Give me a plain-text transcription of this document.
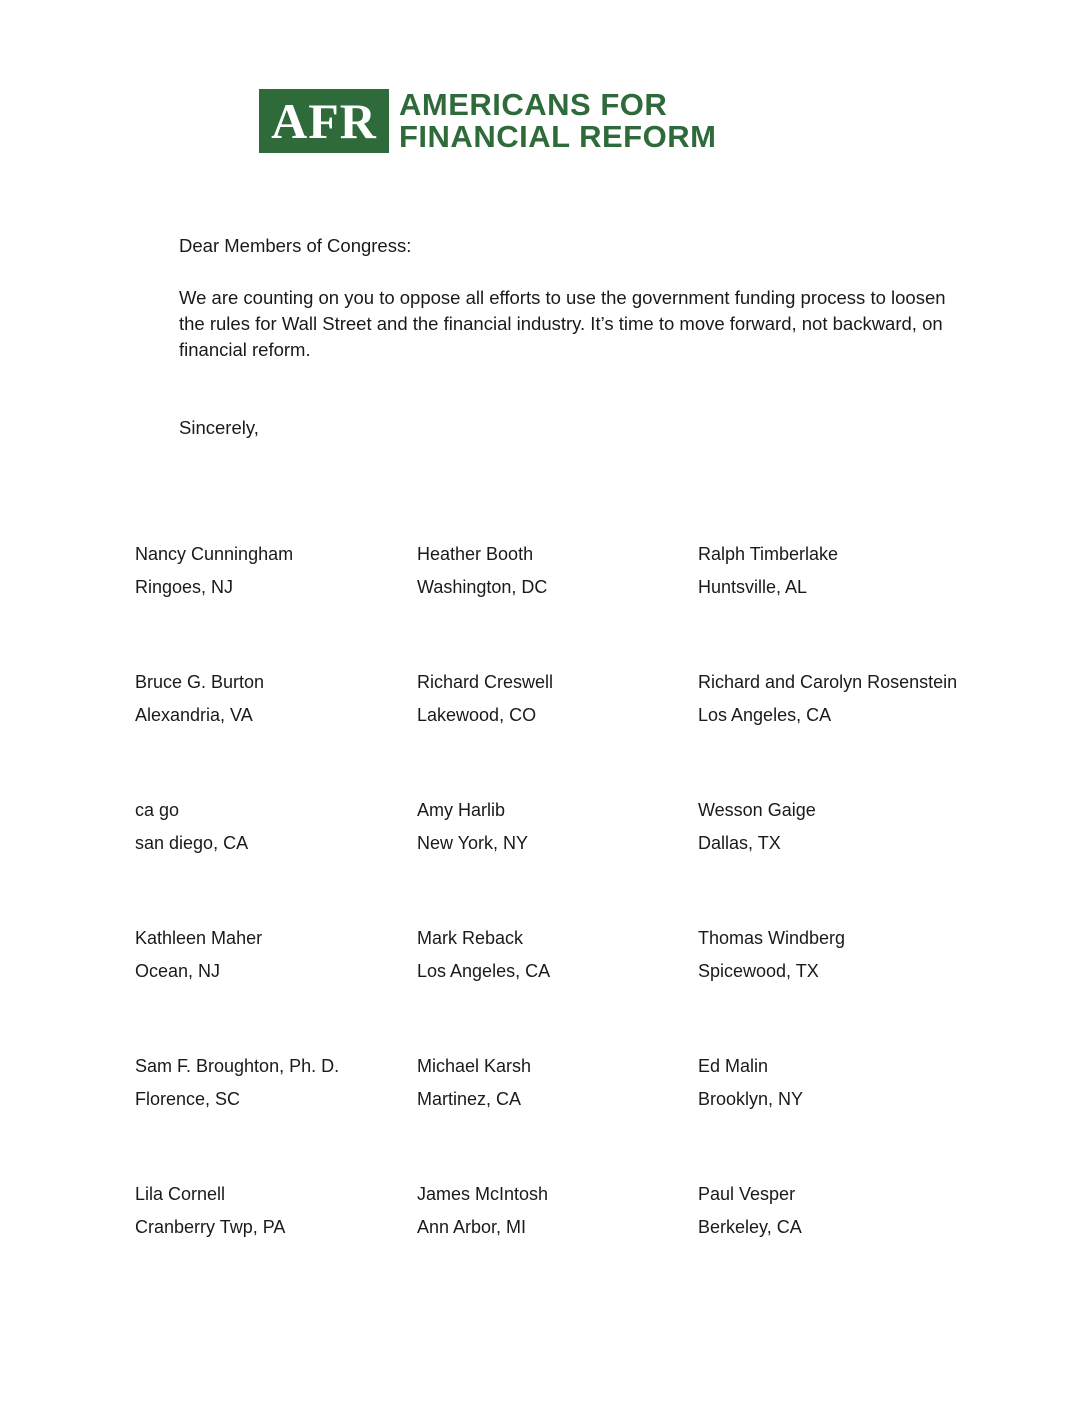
AFR AMERICANS FOR
FINANCIAL REFORM

Dear Members of Congress:

We are counting on you to oppose all efforts to use the government funding process to loosen the rules for Wall Street and the financial industry. It’s time to move forward, not backward, on financial reform.

Sincerely,

Nancy Cunningham
Ringoes, NJ
Heather Booth
Washington, DC
Ralph Timberlake
Huntsville, AL
Bruce G. Burton
Alexandria, VA
Richard Creswell
Lakewood, CO
Richard and Carolyn Rosenstein
Los Angeles, CA
ca go
san diego, CA
Amy Harlib
New York, NY
Wesson Gaige
Dallas, TX
Kathleen Maher
Ocean, NJ
Mark Reback
Los Angeles, CA
Thomas Windberg
Spicewood, TX
Sam F. Broughton, Ph. D.
Florence, SC
Michael Karsh
Martinez, CA
Ed Malin
Brooklyn, NY
Lila Cornell
Cranberry Twp, PA
James McIntosh
Ann Arbor, MI
Paul Vesper
Berkeley, CA
